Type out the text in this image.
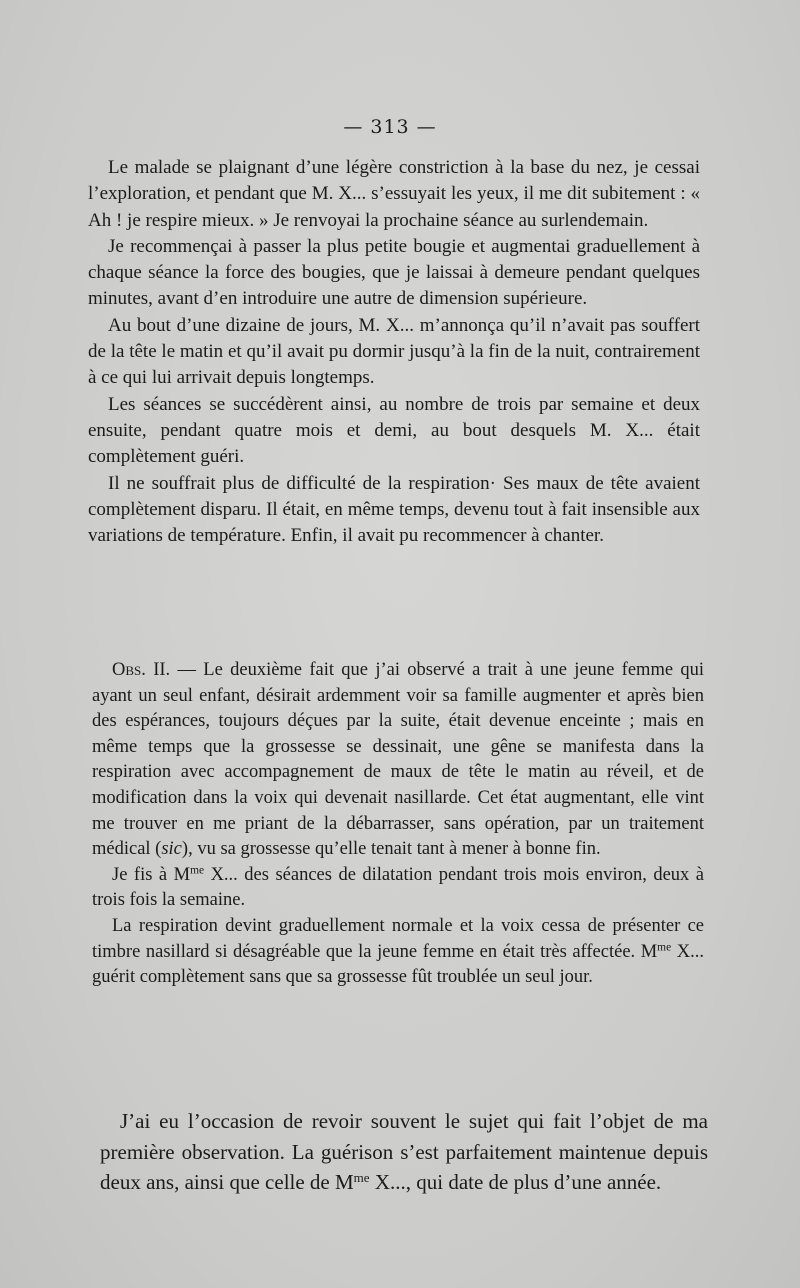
— 313 —

Le malade se plaignant d’une légère constriction à la base du nez, je cessai l’exploration, et pendant que M. X... s’essuyait les yeux, il me dit subitement : « Ah ! je respire mieux. » Je renvoyai la prochaine séance au surlendemain.

Je recommençai à passer la plus petite bougie et augmentai graduellement à chaque séance la force des bougies, que je laissai à demeure pendant quelques minutes, avant d’en introduire une autre de dimension supérieure.

Au bout d’une dizaine de jours, M. X... m’annonça qu’il n’avait pas souffert de la tête le matin et qu’il avait pu dormir jusqu’à la fin de la nuit, contrairement à ce qui lui arrivait depuis longtemps.

Les séances se succédèrent ainsi, au nombre de trois par semaine et deux ensuite, pendant quatre mois et demi, au bout desquels M. X... était complètement guéri.

Il ne souffrait plus de difficulté de la respiration· Ses maux de tête avaient complètement disparu. Il était, en même temps, devenu tout à fait insensible aux variations de température. Enfin, il avait pu recommencer à chanter.

Obs. II. — Le deuxième fait que j’ai observé a trait à une jeune femme qui ayant un seul enfant, désirait ardemment voir sa famille augmenter et après bien des espérances, toujours déçues par la suite, était devenue enceinte ; mais en même temps que la grossesse se dessinait, une gêne se manifesta dans la respiration avec accompagnement de maux de tête le matin au réveil, et de modification dans la voix qui devenait nasillarde. Cet état augmentant, elle vint me trouver en me priant de la débarrasser, sans opération, par un traitement médical (sic), vu sa grossesse qu’elle tenait tant à mener à bonne fin.

Je fis à $M^{me}$ X... des séances de dilatation pendant trois mois environ, deux à trois fois la semaine.

La respiration devint graduellement normale et la voix cessa de présenter ce timbre nasillard si désagréable que la jeune femme en était très affectée. $M^{me}$ X... guérit complètement sans que sa grossesse fût troublée un seul jour.

J’ai eu l’occasion de revoir souvent le sujet qui fait l’objet de ma première observation. La guérison s’est parfaitement maintenue depuis deux ans, ainsi que celle de $M^{me}$ X..., qui date de plus d’une année.
